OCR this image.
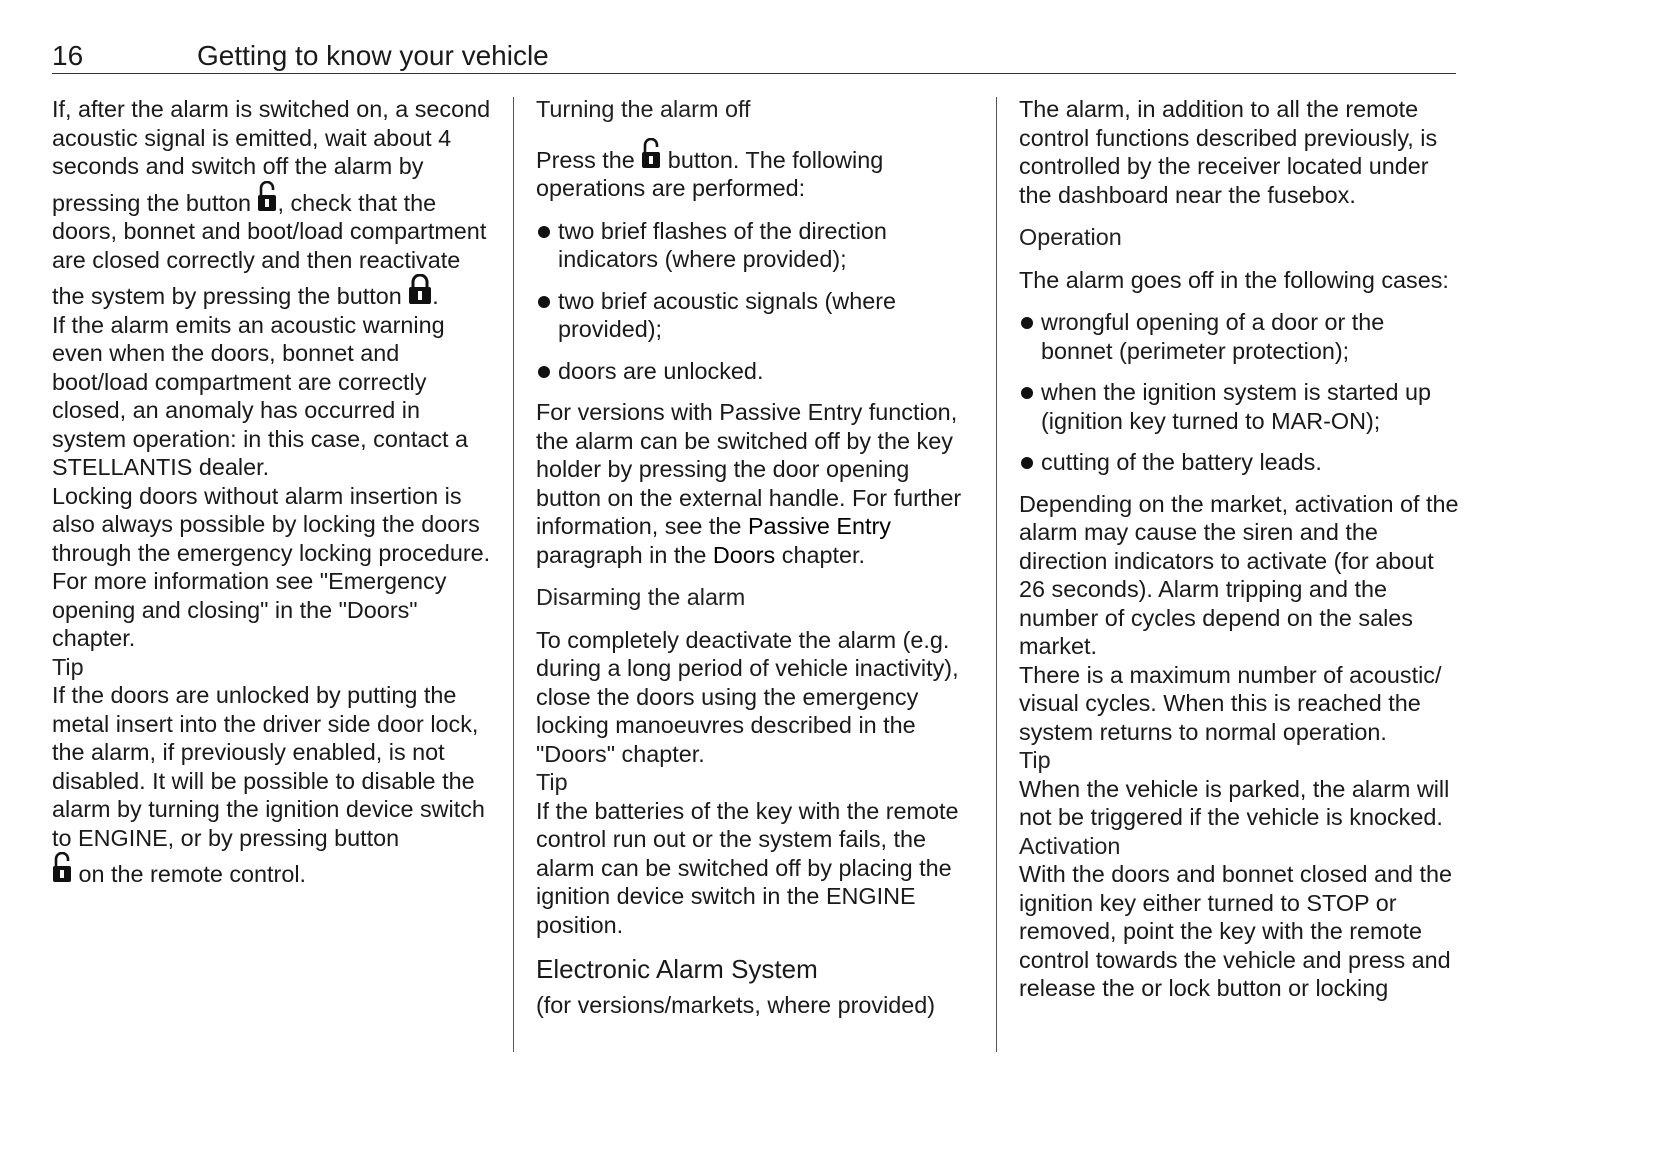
16	Getting to know your vehicle

If, after the alarm is switched on, a second acoustic signal is emitted, wait about 4 seconds and switch off the alarm by pressing the button , check that the doors, bonnet and boot/load compartment are closed correctly and then reactivate the system by pressing the button .

If the alarm emits an acoustic warning even when the doors, bonnet and boot/load compartment are correctly closed, an anomaly has occurred in system operation: in this case, contact a STELLANTIS dealer.

Locking doors without alarm insertion is also always possible by locking the doors through the emergency locking procedure. For more information see "Emergency opening and closing" in the "Doors" chapter.

Tip

If the doors are unlocked by putting the metal insert into the driver side door lock, the alarm, if previously enabled, is not disabled. It will be possible to disable the alarm by turning the ignition device switch to ENGINE, or by pressing button

on the remote control.

Turning the alarm off

Press the  button. The following operations are performed:

two brief flashes of the direction indicators (where provided);
two brief acoustic signals (where provided);
doors are unlocked.

For versions with Passive Entry function, the alarm can be switched off by the key holder by pressing the door opening button on the external handle. For further information, see the Passive Entry paragraph in the Doors chapter.

Disarming the alarm

To completely deactivate the alarm (e.g. during a long period of vehicle inactivity), close the doors using the emergency locking manoeuvres described in the "Doors" chapter.

Tip

If the batteries of the key with the remote control run out or the system fails, the alarm can be switched off by placing the ignition device switch in the ENGINE position.

Electronic Alarm System

(for versions/markets, where provided)

The alarm, in addition to all the remote control functions described previously, is controlled by the receiver located under the dashboard near the fusebox.

Operation

The alarm goes off in the following cases:

wrongful opening of a door or the bonnet (perimeter protection);
when the ignition system is started up (ignition key turned to MAR-ON);
cutting of the battery leads.

Depending on the market, activation of the alarm may cause the siren and the direction indicators to activate (for about 26 seconds). Alarm tripping and the number of cycles depend on the sales market.

There is a maximum number of acoustic/ visual cycles. When this is reached the system returns to normal operation.

Tip

When the vehicle is parked, the alarm will not be triggered if the vehicle is knocked.

Activation

With the doors and bonnet closed and the ignition key either turned to STOP or removed, point the key with the remote control towards the vehicle and press and release the or lock button or locking
